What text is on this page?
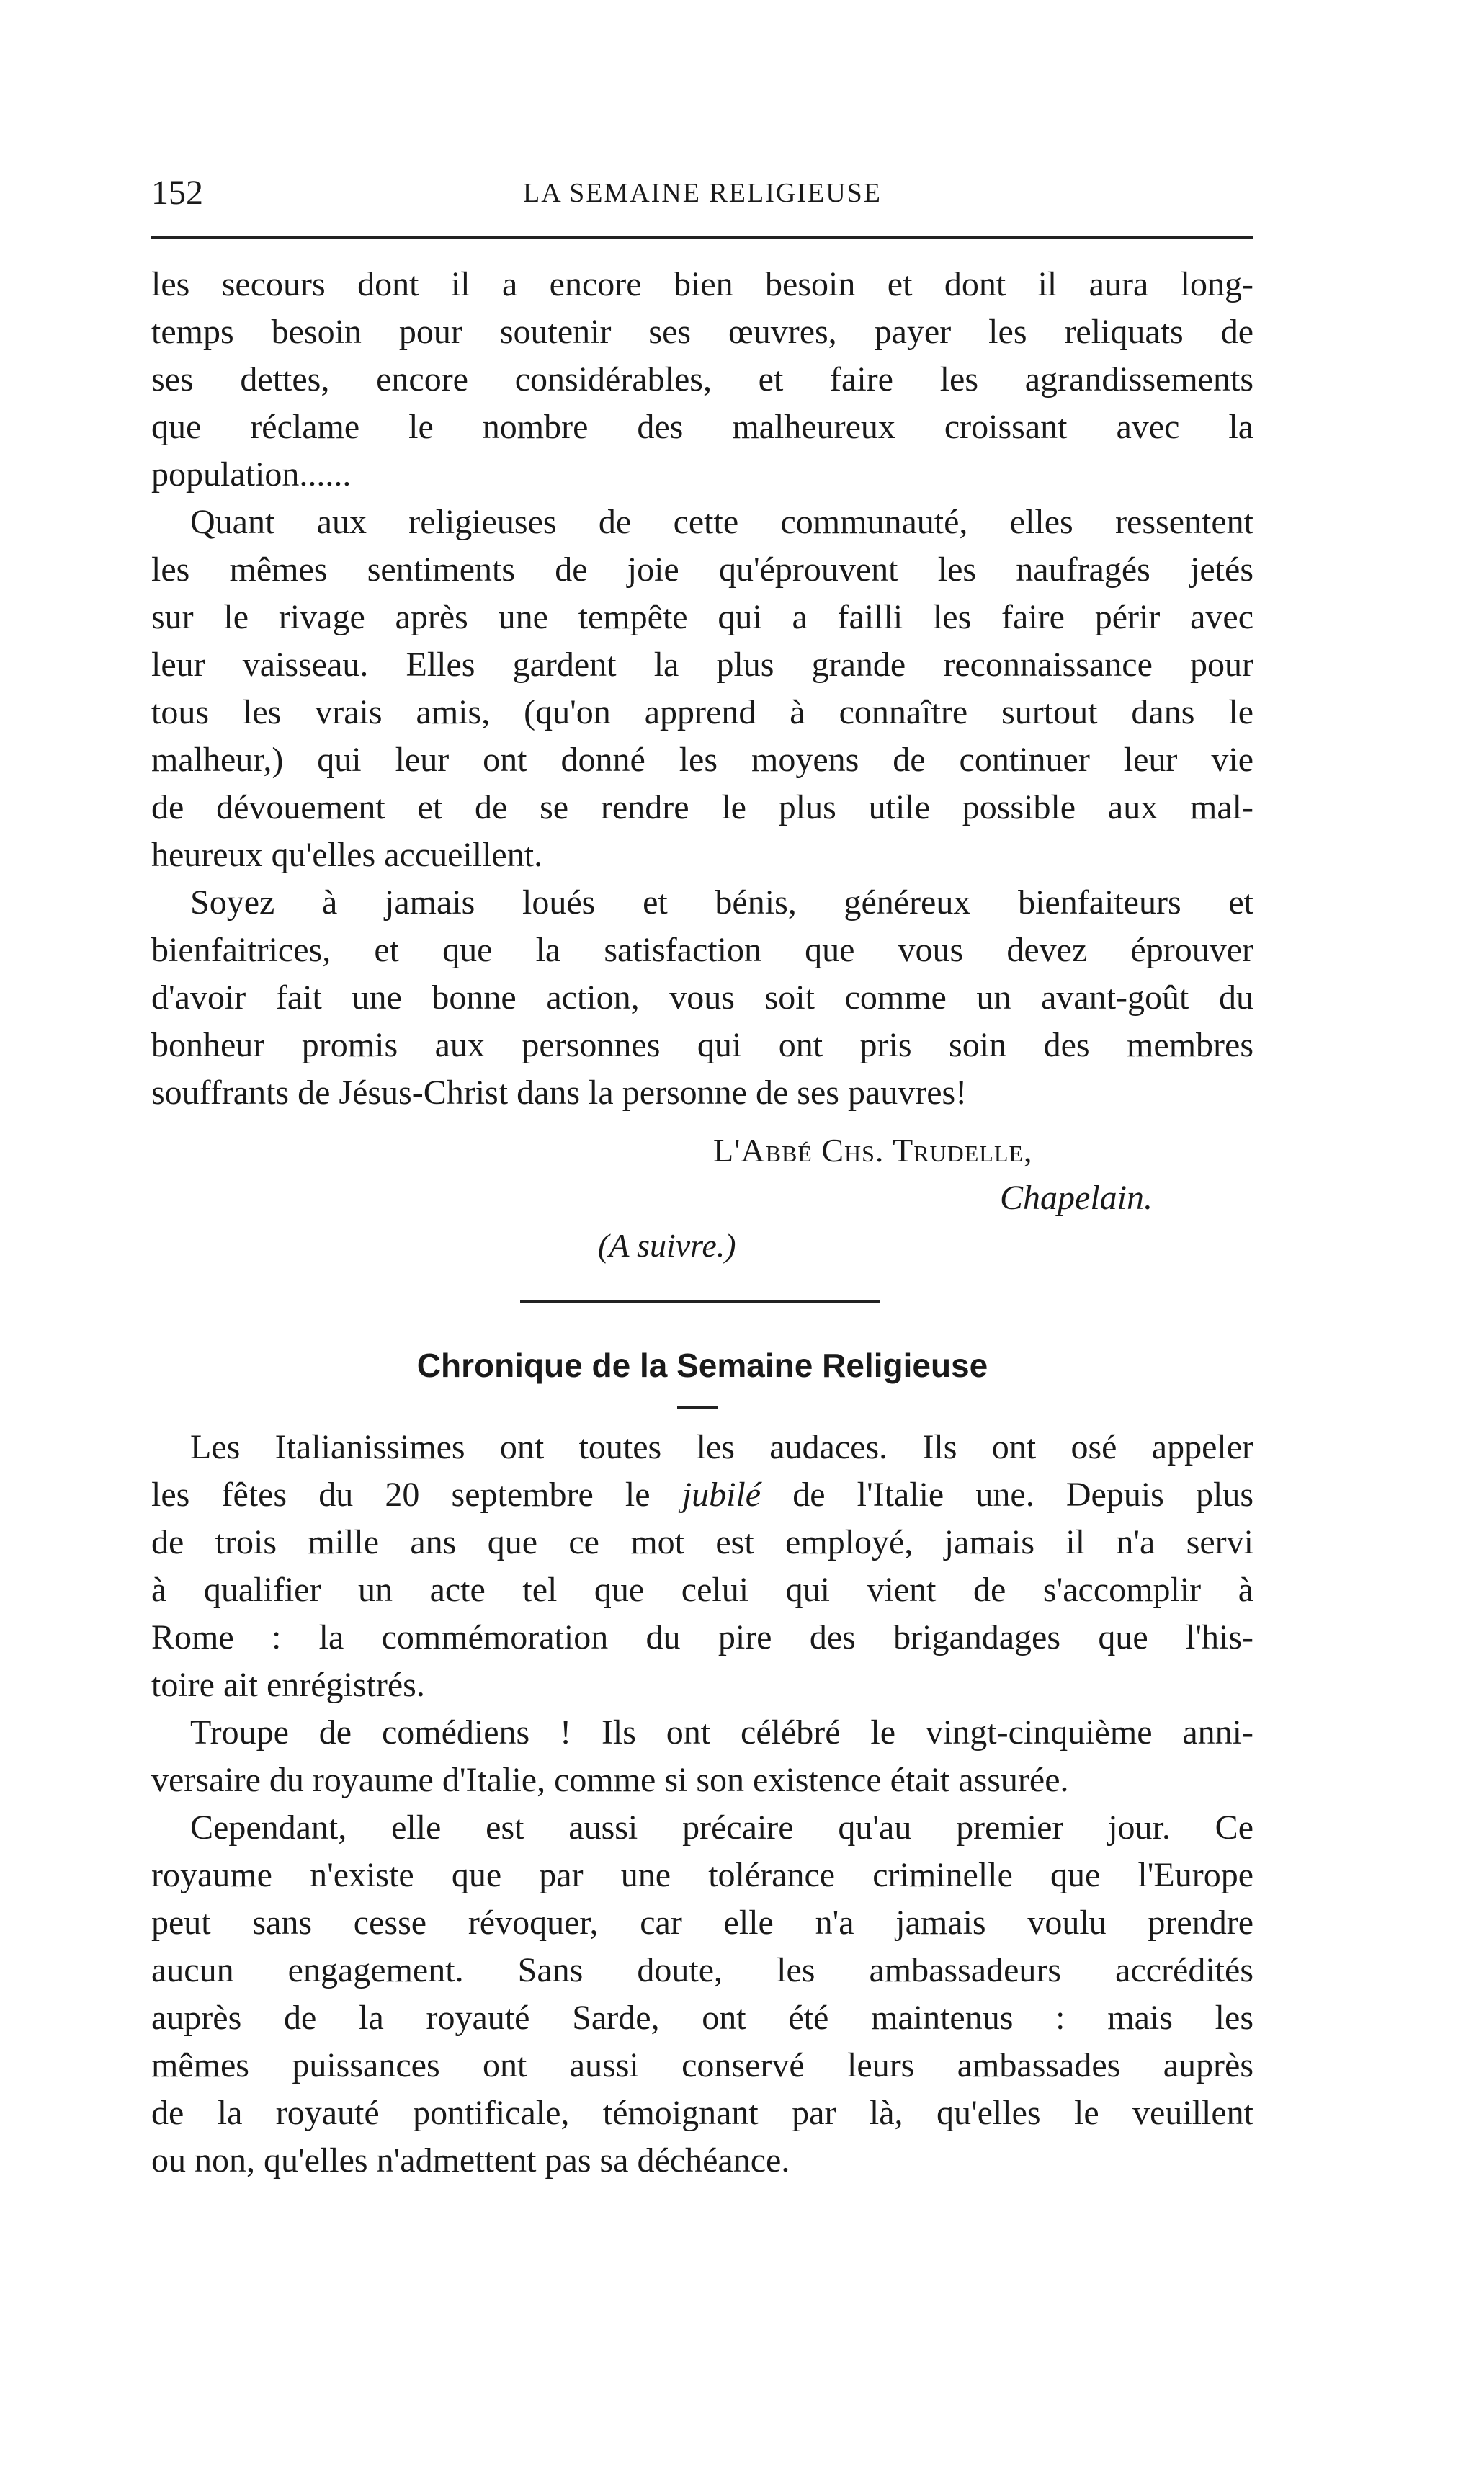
152	LA SEMAINE RELIGIEUSE
les secours dont il a encore bien besoin et dont il aura long-
temps besoin pour soutenir ses œuvres, payer les reliquats de
ses dettes, encore considérables, et faire les agrandissements
que réclame le nombre des malheureux croissant avec la
population......
Quant aux religieuses de cette communauté, elles ressentent
les mêmes sentiments de joie qu'éprouvent les naufragés jetés
sur le rivage après une tempête qui a failli les faire périr avec
leur vaisseau. Elles gardent la plus grande reconnaissance pour
tous les vrais amis, (qu'on apprend à connaître surtout dans le
malheur,) qui leur ont donné les moyens de continuer leur vie
de dévouement et de se rendre le plus utile possible aux mal-
heureux qu'elles accueillent.
Soyez à jamais loués et bénis, généreux bienfaiteurs et
bienfaitrices, et que la satisfaction que vous devez éprouver
d'avoir fait une bonne action, vous soit comme un avant-goût du
bonheur promis aux personnes qui ont pris soin des membres
souffrants de Jésus-Christ dans la personne de ses pauvres!
L'Abbé Chs. Trudelle,
Chapelain.
(A suivre.)
Chronique de la Semaine Religieuse
Les Italianissimes ont toutes les audaces. Ils ont osé appeler
les fêtes du 20 septembre le jubilé de l'Italie une. Depuis plus
de trois mille ans que ce mot est employé, jamais il n'a servi
à qualifier un acte tel que celui qui vient de s'accomplir à
Rome : la commémoration du pire des brigandages que l'his-
toire ait enrégistrés.
Troupe de comédiens ! Ils ont célébré le vingt-cinquième anni-
versaire du royaume d'Italie, comme si son existence était assurée.
Cependant, elle est aussi précaire qu'au premier jour. Ce
royaume n'existe que par une tolérance criminelle que l'Europe
peut sans cesse révoquer, car elle n'a jamais voulu prendre
aucun engagement. Sans doute, les ambassadeurs accrédités
auprès de la royauté Sarde, ont été maintenus : mais les
mêmes puissances ont aussi conservé leurs ambassades auprès
de la royauté pontificale, témoignant par là, qu'elles le veuillent
ou non, qu'elles n'admettent pas sa déchéance.
